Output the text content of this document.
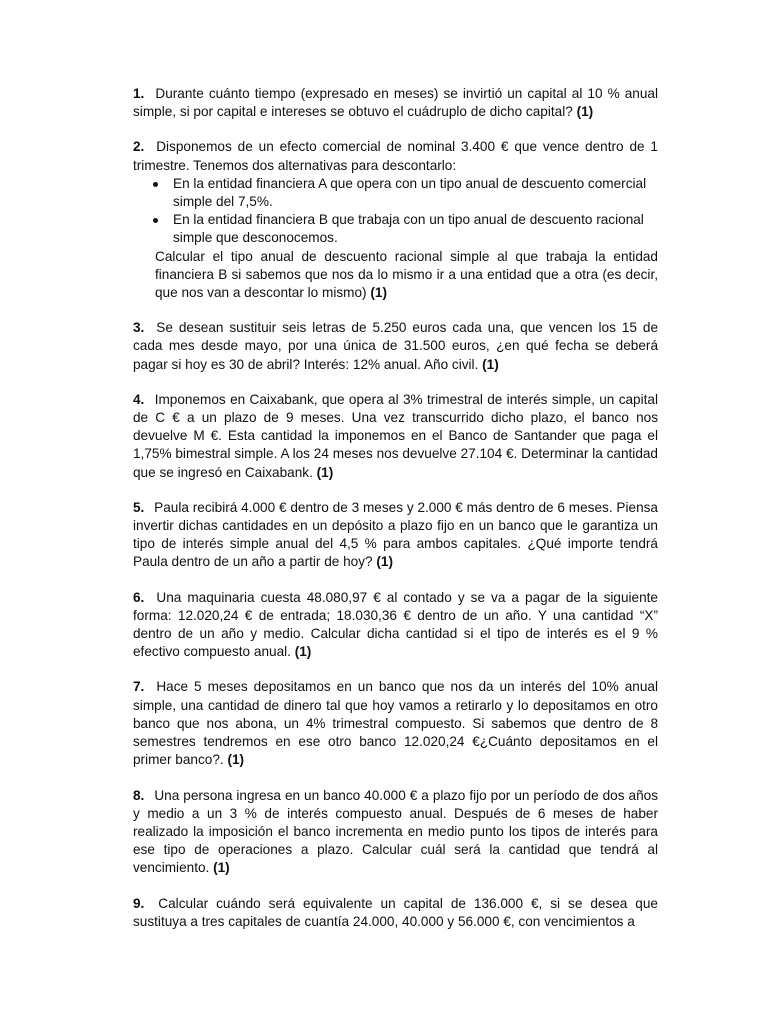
1. Durante cuánto tiempo (expresado en meses) se invirtió un capital al 10 % anual simple, si por capital e intereses se obtuvo el cuádruplo de dicho capital? (1)

2. Disponemos de un efecto comercial de nominal 3.400 € que vence dentro de 1 trimestre. Tenemos dos alternativas para descontarlo:

En la entidad financiera A que opera con un tipo anual de descuento comercial simple del 7,5%.
En la entidad financiera B que trabaja con un tipo anual de descuento racional simple que desconocemos.

Calcular el tipo anual de descuento racional simple al que trabaja la entidad financiera B si sabemos que nos da lo mismo ir a una entidad que a otra (es decir, que nos van a descontar lo mismo) (1)

3. Se desean sustituir seis letras de 5.250 euros cada una, que vencen los 15 de cada mes desde mayo, por una única de 31.500 euros, ¿en qué fecha se deberá pagar si hoy es 30 de abril? Interés: 12% anual. Año civil. (1)

4. Imponemos en Caixabank, que opera al 3% trimestral de interés simple, un capital de C € a un plazo de 9 meses. Una vez transcurrido dicho plazo, el banco nos devuelve M €. Esta cantidad la imponemos en el Banco de Santander que paga el 1,75% bimestral simple. A los 24 meses nos devuelve 27.104 €. Determinar la cantidad que se ingresó en Caixabank. (1)

5. Paula recibirá 4.000 € dentro de 3 meses y 2.000 € más dentro de 6 meses. Piensa invertir dichas cantidades en un depósito a plazo fijo en un banco que le garantiza un tipo de interés simple anual del 4,5 % para ambos capitales. ¿Qué importe tendrá Paula dentro de un año a partir de hoy? (1)

6. Una maquinaria cuesta 48.080,97 € al contado y se va a pagar de la siguiente forma: 12.020,24 € de entrada; 18.030,36 € dentro de un año. Y una cantidad “X” dentro de un año y medio. Calcular dicha cantidad si el tipo de interés es el 9 % efectivo compuesto anual. (1)

7. Hace 5 meses depositamos en un banco que nos da un interés del 10% anual simple, una cantidad de dinero tal que hoy vamos a retirarlo y lo depositamos en otro banco que nos abona, un 4% trimestral compuesto. Si sabemos que dentro de 8 semestres tendremos en ese otro banco 12.020,24 €¿Cuánto depositamos en el primer banco?. (1)

8. Una persona ingresa en un banco 40.000 € a plazo fijo por un período de dos años y medio a un 3 % de interés compuesto anual. Después de 6 meses de haber realizado la imposición el banco incrementa en medio punto los tipos de interés para ese tipo de operaciones a plazo. Calcular cuál será la cantidad que tendrá al vencimiento. (1)

9. Calcular cuándo será equivalente un capital de 136.000 €, si se desea que sustituya a tres capitales de cuantía 24.000, 40.000 y 56.000 €, con vencimientos a
